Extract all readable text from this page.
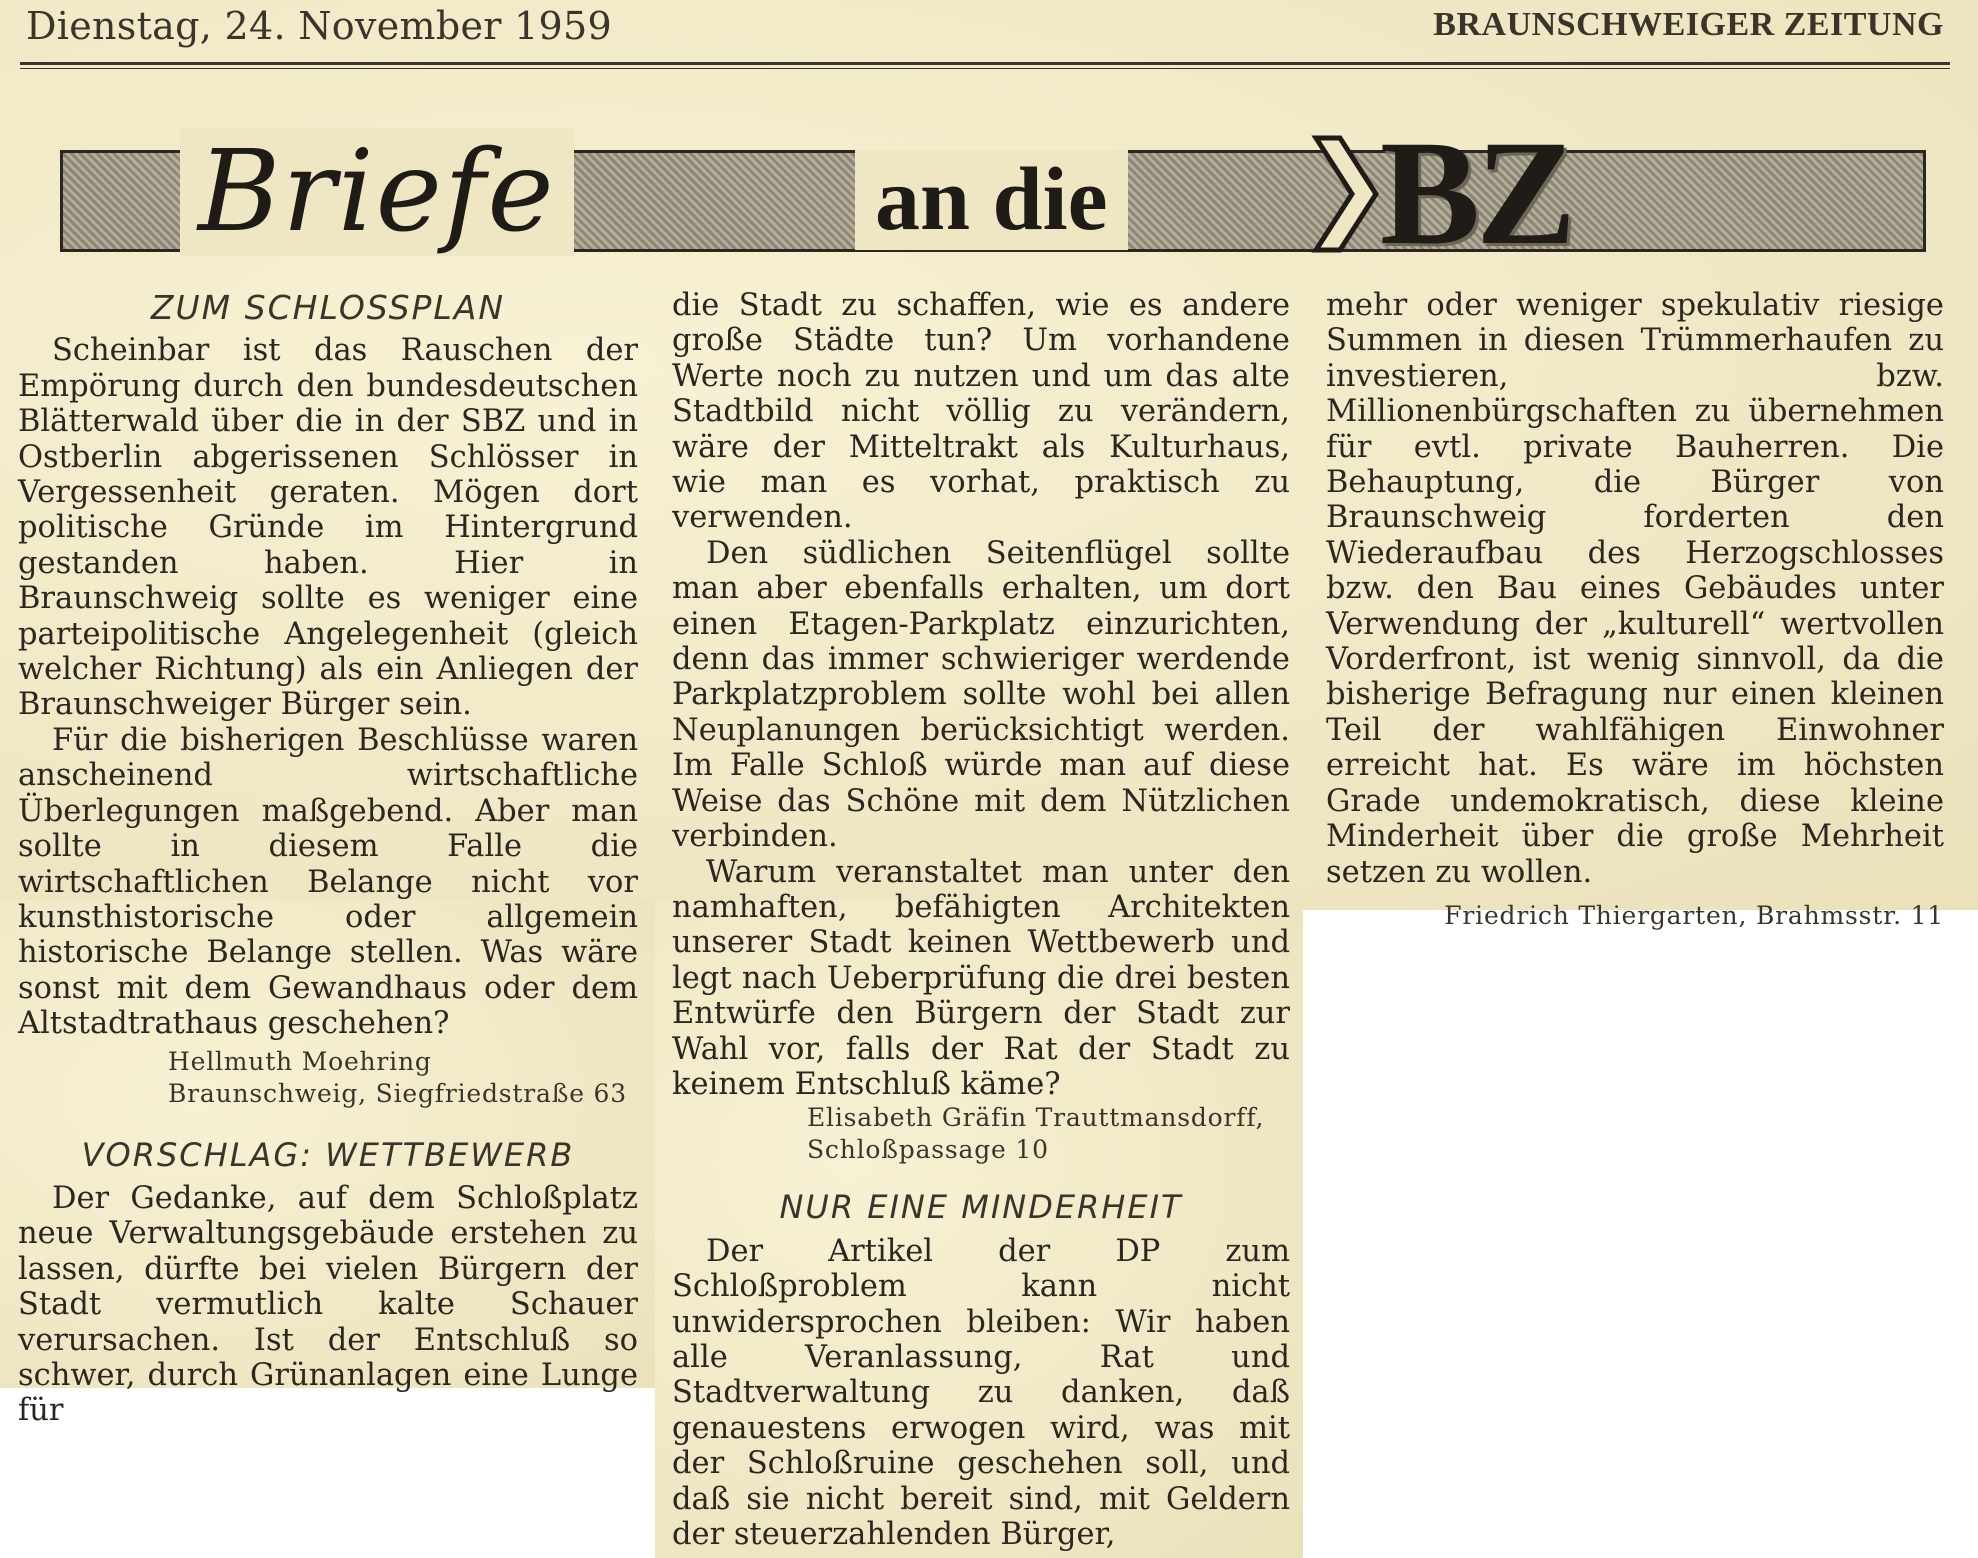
Dienstag, 24. November 1959	BRAUNSCHWEIGER ZEITUNG
Briefe	an die BZ
ZUM SCHLOSSPLAN

Scheinbar ist das Rauschen der Empörung durch den bundesdeutschen Blätterwald über die in der SBZ und in Ostberlin abgerissenen Schlösser in Vergessenheit geraten. Mögen dort politische Gründe im Hintergrund gestanden haben. Hier in Braunschweig sollte es weniger eine parteipolitische Angelegenheit (gleich welcher Richtung) als ein Anliegen der Braunschweiger Bürger sein.

Für die bisherigen Beschlüsse waren anscheinend wirtschaftliche Überlegungen maßgebend. Aber man sollte in diesem Falle die wirtschaftlichen Belange nicht vor kunsthistorische oder allgemein historische Belange stellen. Was wäre sonst mit dem Gewandhaus oder dem Altstadtrathaus geschehen?

Hellmuth Moehring
Braunschweig, Siegfriedstraße 63
VORSCHLAG: WETTBEWERB

Der Gedanke, auf dem Schloßplatz neue Verwaltungsgebäude erstehen zu lassen, dürfte bei vielen Bürgern der Stadt vermutlich kalte Schauer verursachen. Ist der Entschluß so schwer, durch Grünanlagen eine Lunge für

die Stadt zu schaffen, wie es andere große Städte tun? Um vorhandene Werte noch zu nutzen und um das alte Stadtbild nicht völlig zu verändern, wäre der Mitteltrakt als Kulturhaus, wie man es vorhat, praktisch zu verwenden.

Den südlichen Seitenflügel sollte man aber ebenfalls erhalten, um dort einen Etagen-Parkplatz einzurichten, denn das immer schwieriger werdende Parkplatzproblem sollte wohl bei allen Neuplanungen berücksichtigt werden. Im Falle Schloß würde man auf diese Weise das Schöne mit dem Nützlichen verbinden.

Warum veranstaltet man unter den namhaften, befähigten Architekten unserer Stadt keinen Wettbewerb und legt nach Ueberprüfung die drei besten Entwürfe den Bürgern der Stadt zur Wahl vor, falls der Rat der Stadt zu keinem Entschluß käme?

Elisabeth Gräfin Trauttmansdorff,
Schloßpassage 10
NUR EINE MINDERHEIT

Der Artikel der DP zum Schloßproblem kann nicht unwidersprochen bleiben: Wir haben alle Veranlassung, Rat und Stadtverwaltung zu danken, daß genauestens erwogen wird, was mit der Schloßruine geschehen soll, und daß sie nicht bereit sind, mit Geldern der steuerzahlenden Bürger,

mehr oder weniger spekulativ riesige Summen in diesen Trümmerhaufen zu investieren, bzw. Millionenbürgschaften zu übernehmen für evtl. private Bauherren. Die Behauptung, die Bürger von Braunschweig forderten den Wiederaufbau des Herzogschlosses bzw. den Bau eines Gebäudes unter Verwendung der „kulturell“ wertvollen Vorderfront, ist wenig sinnvoll, da die bisherige Befragung nur einen kleinen Teil der wahlfähigen Einwohner erreicht hat. Es wäre im höchsten Grade undemokratisch, diese kleine Minderheit über die große Mehrheit setzen zu wollen.

Friedrich Thiergarten, Brahmsstr. 11
